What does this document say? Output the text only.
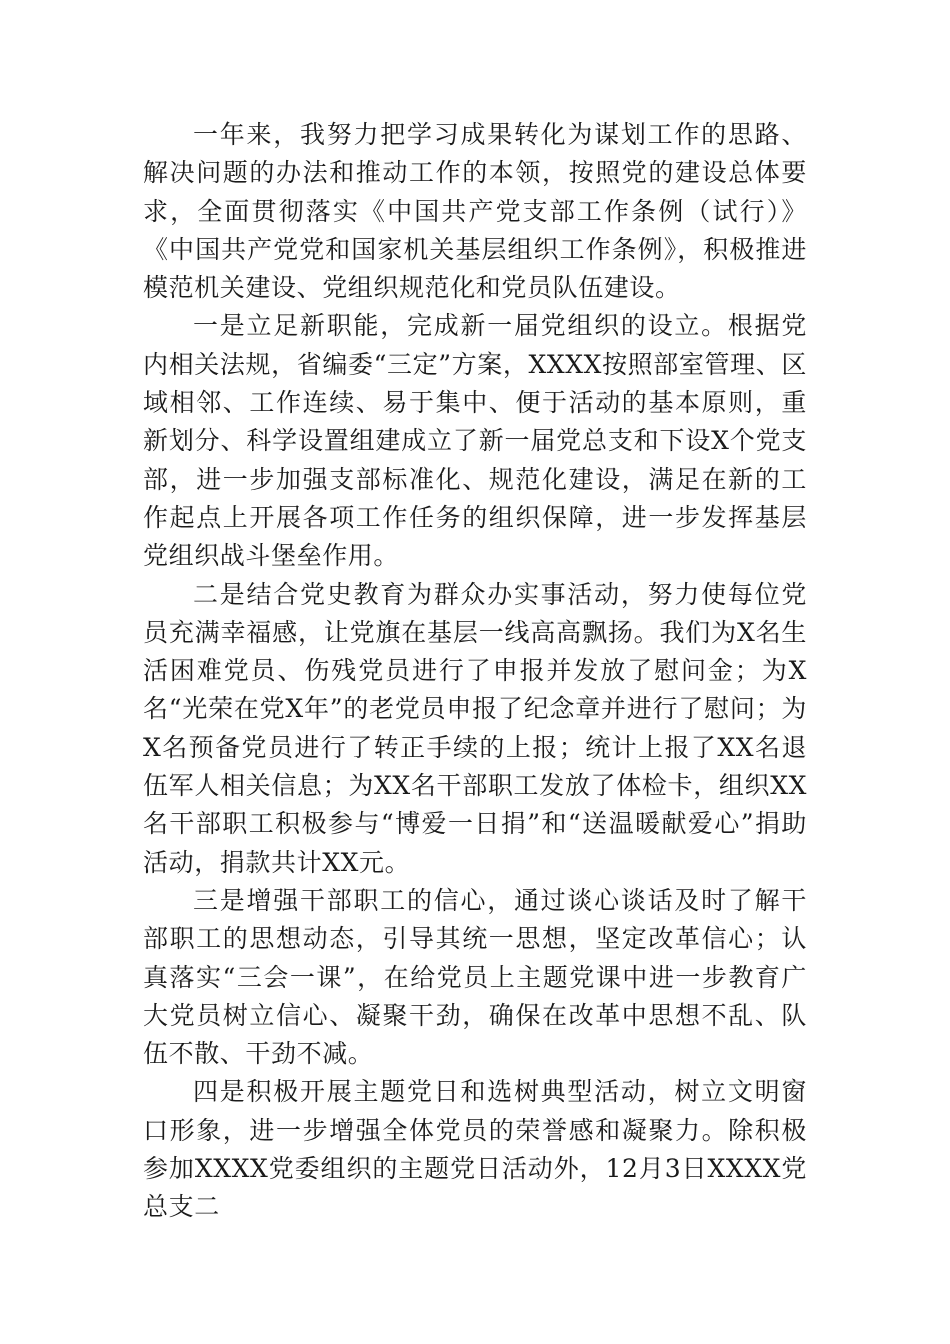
一年来，我努力把学习成果转化为谋划工作的思路、解决问题的办法和推动工作的本领，按照党的建设总体要求，全面贯彻落实《中国共产党支部工作条例（试行）》《中国共产党党和国家机关基层组织工作条例》，积极推进模范机关建设、党组织规范化和党员队伍建设。

一是立足新职能，完成新一届党组织的设立。根据党内相关法规，省编委“三定”方案，XXXX按照部室管理、区域相邻、工作连续、易于集中、便于活动的基本原则，重新划分、科学设置组建成立了新一届党总支和下设X个党支部，进一步加强支部标准化、规范化建设，满足在新的工作起点上开展各项工作任务的组织保障，进一步发挥基层党组织战斗堡垒作用。

二是结合党史教育为群众办实事活动，努力使每位党员充满幸福感，让党旗在基层一线高高飘扬。我们为X名生活困难党员、伤残党员进行了申报并发放了慰问金；为X名“光荣在党X年”的老党员申报了纪念章并进行了慰问；为X名预备党员进行了转正手续的上报；统计上报了XX名退伍军人相关信息；为XX名干部职工发放了体检卡，组织XX名干部职工积极参与“博爱一日捐”和“送温暖献爱心”捐助活动，捐款共计XX元。

三是增强干部职工的信心，通过谈心谈话及时了解干部职工的思想动态，引导其统一思想，坚定改革信心；认真落实“三会一课”，在给党员上主题党课中进一步教育广大党员树立信心、凝聚干劲，确保在改革中思想不乱、队伍不散、干劲不减。

四是积极开展主题党日和选树典型活动，树立文明窗口形象，进一步增强全体党员的荣誉感和凝聚力。除积极参加XXXX党委组织的主题党日活动外，12月3日XXXX党总支二
